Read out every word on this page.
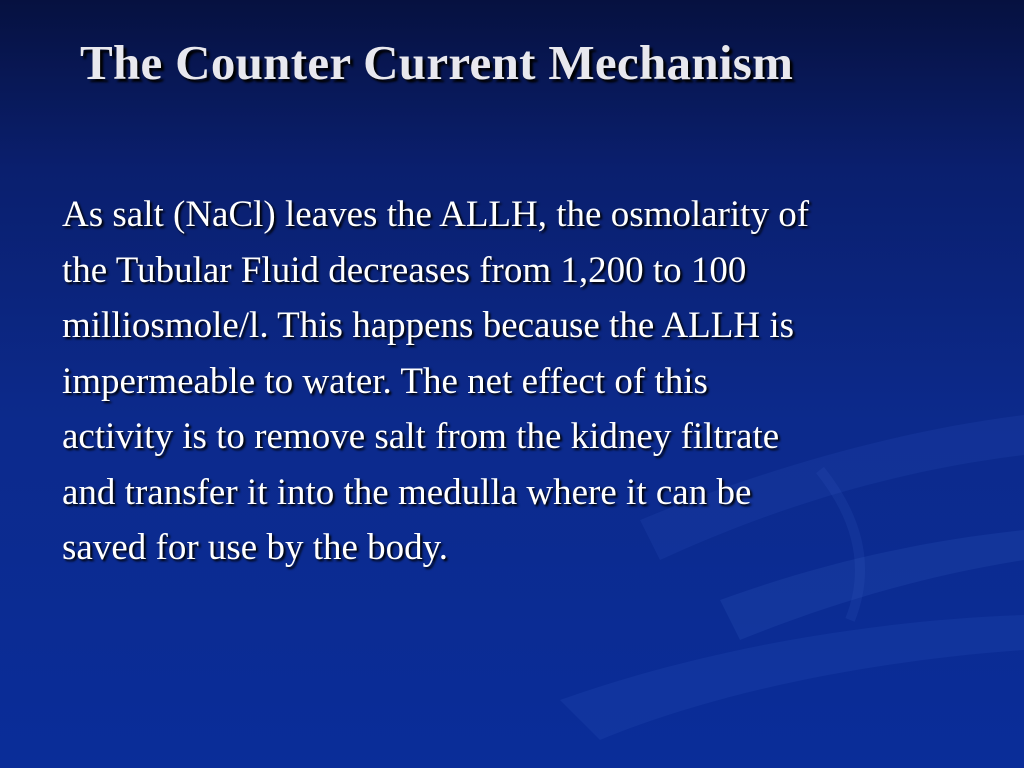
The Counter Current Mechanism
As salt (NaCl) leaves the ALLH, the osmolarity of
the Tubular Fluid decreases from 1,200 to 100
milliosmole/l. This happens because the ALLH is
impermeable to water. The net effect of this
activity is to remove salt from the kidney filtrate
and transfer it into the medulla where it can be
saved for use by the body.
